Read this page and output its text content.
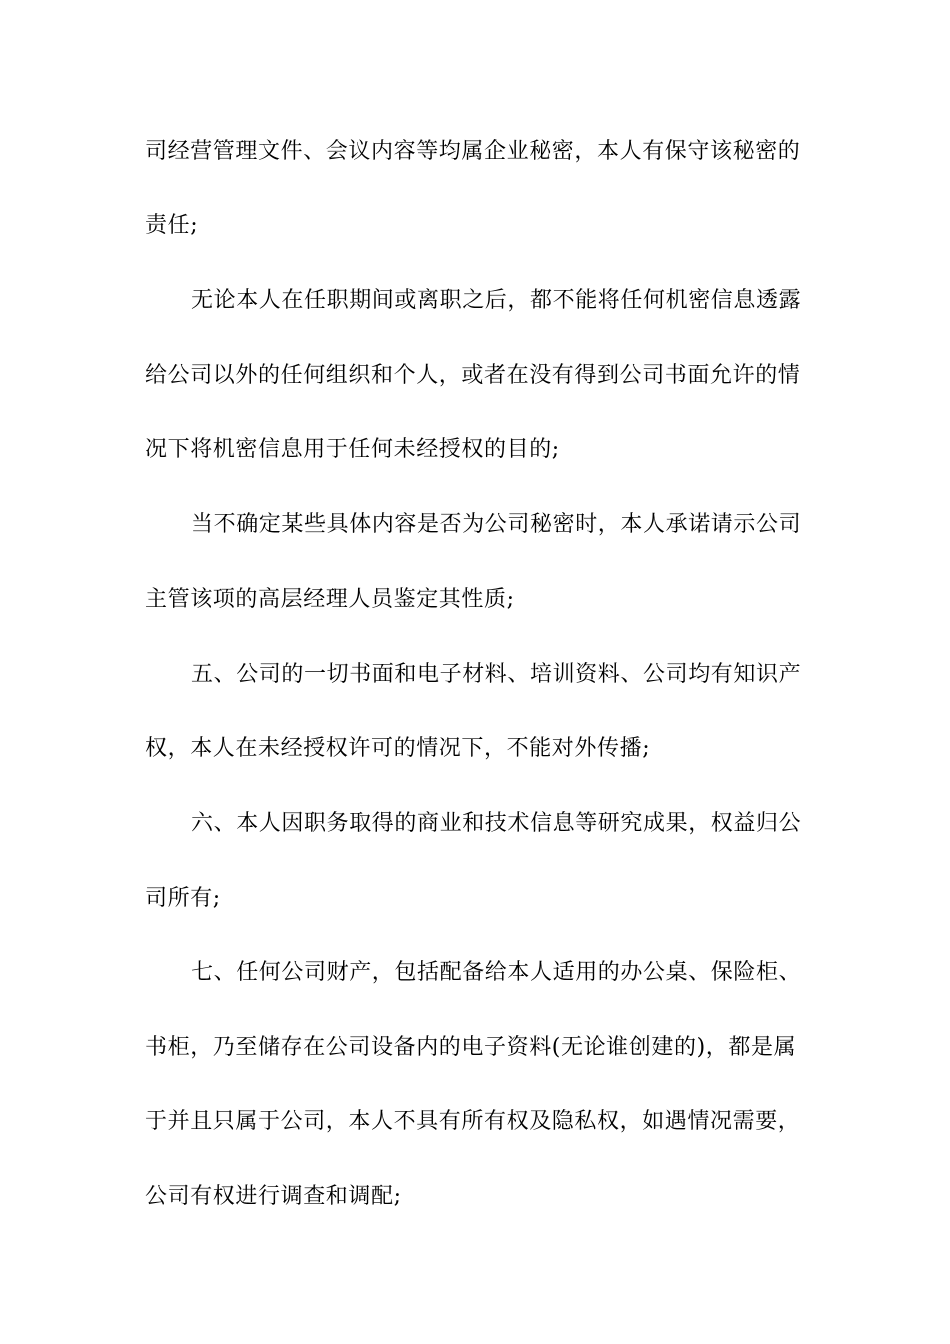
司经营管理文件、会议内容等均属企业秘密，本人有保守该秘密的
责任;
无论本人在任职期间或离职之后，都不能将任何机密信息透露
给公司以外的任何组织和个人，或者在没有得到公司书面允许的情
况下将机密信息用于任何未经授权的目的;
当不确定某些具体内容是否为公司秘密时，本人承诺请示公司
主管该项的高层经理人员鉴定其性质;
五、公司的一切书面和电子材料、培训资料、公司均有知识产
权，本人在未经授权许可的情况下，不能对外传播;
六、本人因职务取得的商业和技术信息等研究成果，权益归公
司所有;
七、任何公司财产，包括配备给本人适用的办公桌、保险柜、
书柜，乃至储存在公司设备内的电子资料(无论谁创建的)，都是属
于并且只属于公司，本人不具有所有权及隐私权，如遇情况需要，
公司有权进行调查和调配;
